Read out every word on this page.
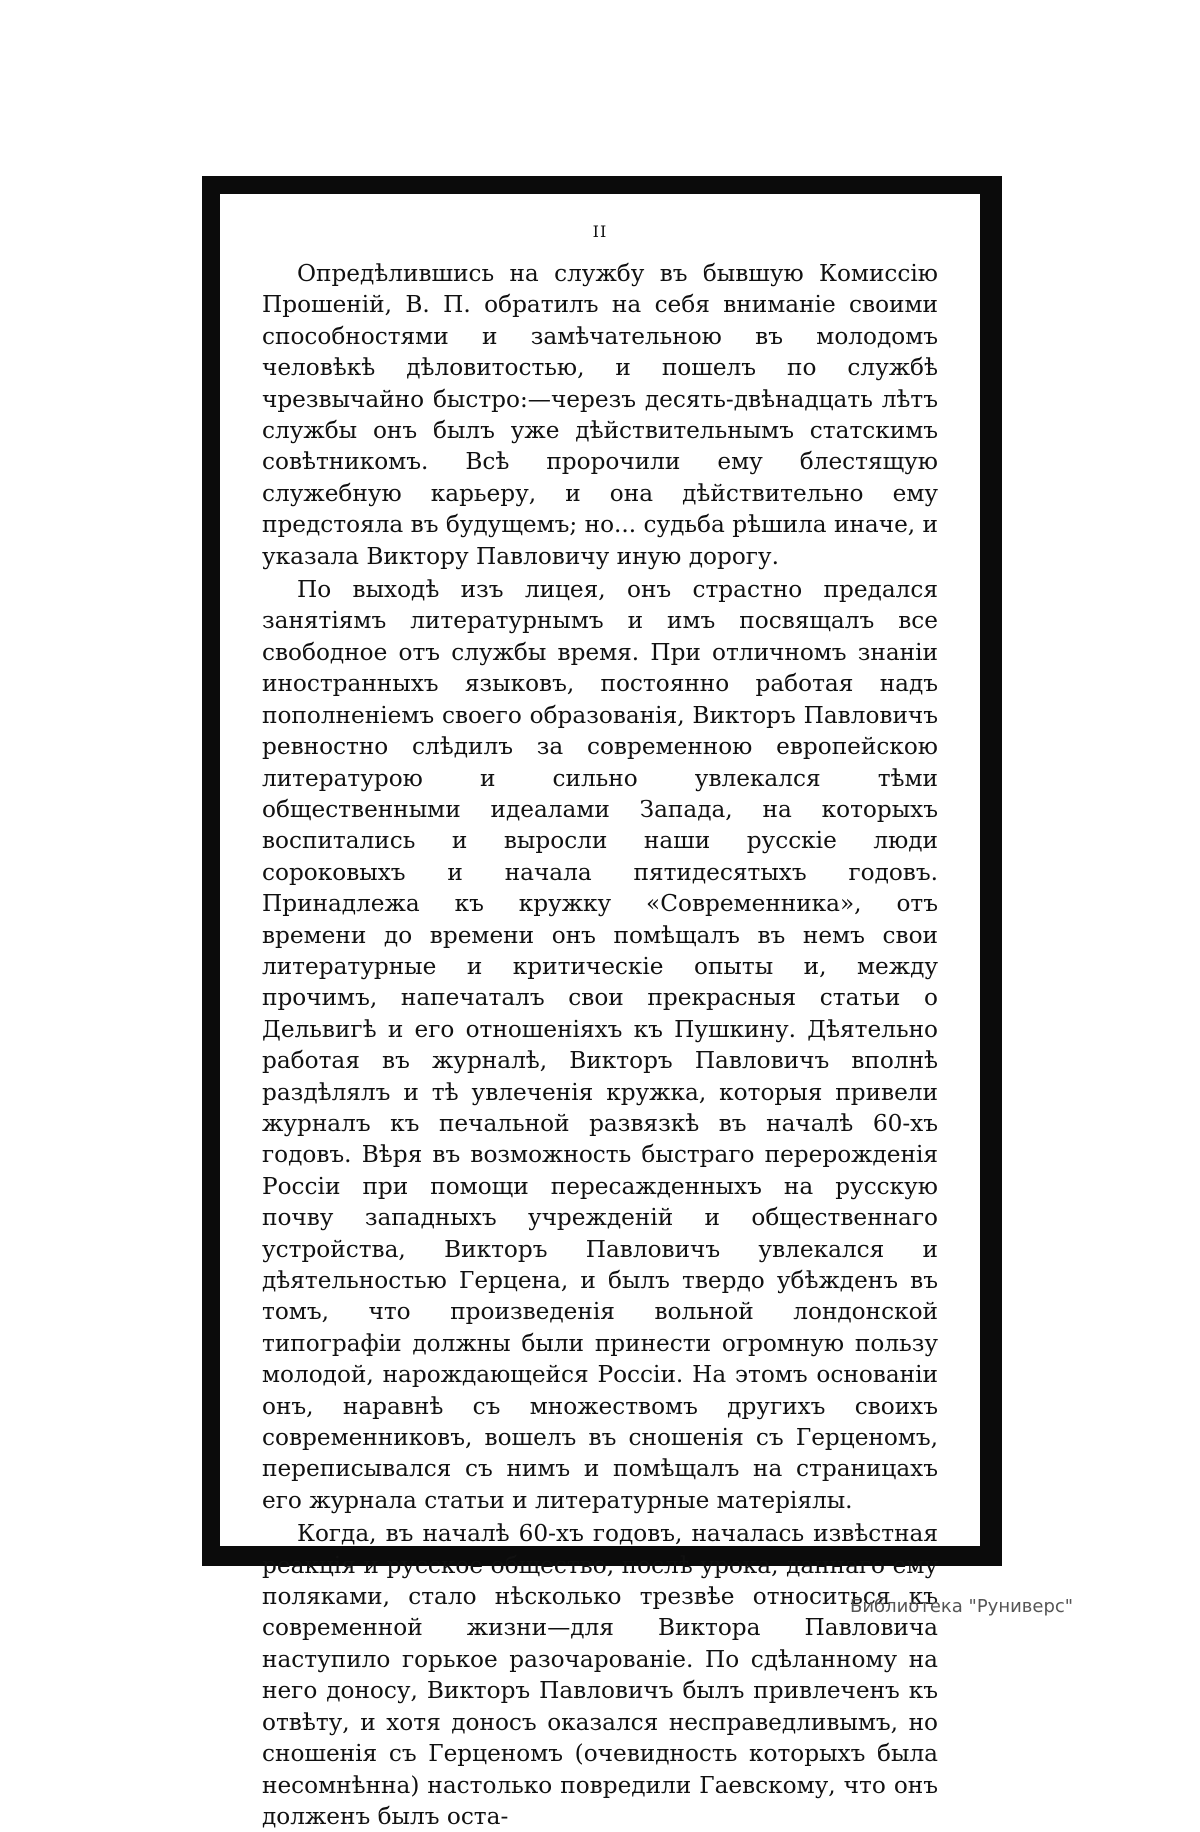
II

Опредѣлившись на службу въ бывшую Комиссію Прошеній, В. П. обратилъ на себя вниманіе своими способностями и замѣчательною въ молодомъ человѣкѣ дѣловитостью, и пошелъ по службѣ чрезвычайно быстро:—черезъ десять-двѣнадцать лѣтъ службы онъ былъ уже дѣйствительнымъ статскимъ совѣтникомъ. Всѣ пророчили ему блестящую служебную карьеру, и она дѣйствительно ему предстояла въ будущемъ; но... судьба рѣшила иначе, и указала Виктору Павловичу иную дорогу.

По выходѣ изъ лицея, онъ страстно предался занятіямъ литературнымъ и имъ посвящалъ все свободное отъ службы время. При отличномъ знаніи иностранныхъ языковъ, постоянно работая надъ пополненіемъ своего образованія, Викторъ Павловичъ ревностно слѣдилъ за современною европейскою литературою и сильно увлекался тѣми общественными идеалами Запада, на которыхъ воспитались и выросли наши русскіе люди сороковыхъ и начала пятидесятыхъ годовъ. Принадлежа къ кружку «Современника», отъ времени до времени онъ помѣщалъ въ немъ свои литературные и критическіе опыты и, между прочимъ, напечаталъ свои прекрасныя статьи о Дельвигѣ и его отношеніяхъ къ Пушкину. Дѣятельно работая въ журналѣ, Викторъ Павловичъ вполнѣ раздѣлялъ и тѣ увлеченія кружка, которыя привели журналъ къ печальной развязкѣ въ началѣ 60-хъ годовъ. Вѣря въ возможность быстраго перерожденія Россіи при помощи пересажденныхъ на русскую почву западныхъ учрежденій и общественнаго устройства, Викторъ Павловичъ увлекался и дѣятельностью Герцена, и былъ твердо убѣжденъ въ томъ, что произведенія вольной лондонской типографіи должны были принести огромную пользу молодой, нарождающейся Россіи. На этомъ основаніи онъ, наравнѣ съ множествомъ другихъ своихъ современниковъ, вошелъ въ сношенія съ Герценомъ, переписывался съ нимъ и помѣщалъ на страницахъ его журнала статьи и литературные матеріялы.

Когда, въ началѣ 60-хъ годовъ, началась извѣстная реакція и русское общество, послѣ урока, даннаго ему поляками, стало нѣсколько трезвѣе относиться къ современной жизни—для Виктора Павловича наступило горькое разочарованіе. По сдѣланному на него доносу, Викторъ Павловичъ былъ привлеченъ къ отвѣту, и хотя доносъ оказался несправедливымъ, но сношенія съ Герценомъ (очевидность которыхъ была несомнѣнна) настолько повредили Гаевскому, что онъ долженъ былъ оста-

Библиотека "Руниверс"
